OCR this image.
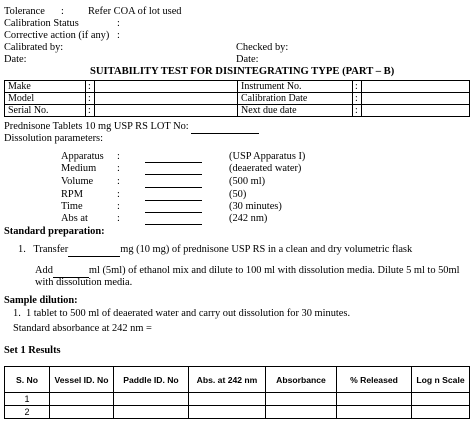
Tolerance : Refer COA of lot used
Calibration Status	:
Corrective action (if any) :
Calibrated by:	Checked by:
Date:	Date:
SUITABILITY TEST FOR DISINTEGRATING TYPE (PART – B)
Make	:		Instrument No.	:	
Model	:		Calibration Date	:	
Serial No.	:		Next due date	:	
Prednisone Tablets 10 mg USP RS LOT No:
Dissolution parameters:
Apparatus :	(USP Apparatus I)
Medium :	(deaerated water)
Volume :	(500 ml)
RPM	:	(50)
Time	:	(30 minutes)
Abs at	:	(242 nm)
Standard preparation:
1. Transfer	mg (10 mg) of prednisone USP RS in a clean and dry volumetric flask
Add	ml (5ml) of ethanol mix and dilute to 100 ml with dissolution media. Dilute 5 ml to 50ml
with dissolution media.
Sample dilution:
1. 1 tablet to 500 ml of deaerated water and carry out dissolution for 30 minutes.
Standard absorbance at 242 nm =
Set 1 Results
S. No	Vessel ID. No	Paddle ID. No	Abs. at 242 nm	Absorbance	% Released	Log n Scale
1						
2						
